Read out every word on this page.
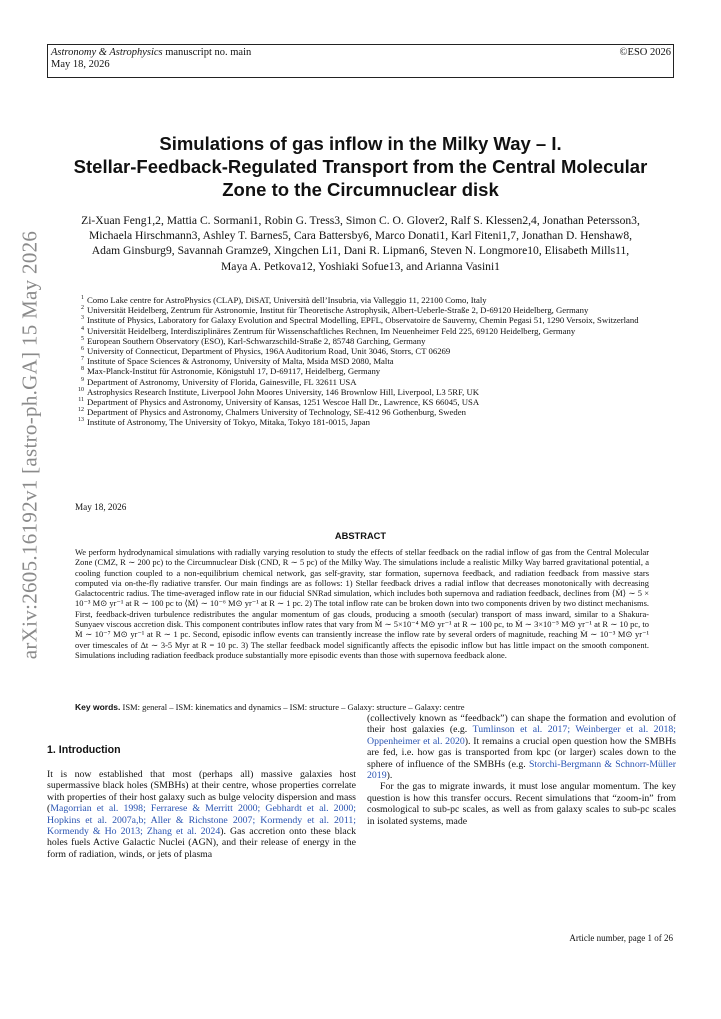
Astronomy & Astrophysics manuscript no. main
May 18, 2026
©ESO 2026
arXiv:2605.16192v1 [astro-ph.GA] 15 May 2026
Simulations of gas inflow in the Milky Way – I.
Stellar-Feedback-Regulated Transport from the Central Molecular
Zone to the Circumnuclear disk
Zi-Xuan Feng1,2, Mattia C. Sormani1, Robin G. Tress3, Simon C. O. Glover2, Ralf S. Klessen2,4, Jonathan Petersson3,
Michaela Hirschmann3, Ashley T. Barnes5, Cara Battersby6, Marco Donati1, Karl Fiteni1,7, Jonathan D. Henshaw8,
Adam Ginsburg9, Savannah Gramze9, Xingchen Li1, Dani R. Lipman6, Steven N. Longmore10, Elisabeth Mills11,
Maya A. Petkova12, Yoshiaki Sofue13, and Arianna Vasini1
1 Como Lake centre for AstroPhysics (CLAP), DiSAT, Università dell’Insubria, via Valleggio 11, 22100 Como, Italy
2 Universität Heidelberg, Zentrum für Astronomie, Institut für Theoretische Astrophysik, Albert-Ueberle-Straße 2, D-69120 Heidelberg, Germany
3 Institute of Physics, Laboratory for Galaxy Evolution and Spectral Modelling, EPFL, Observatoire de Sauverny, Chemin Pegasi 51, 1290 Versoix, Switzerland
4 Universität Heidelberg, Interdisziplinäres Zentrum für Wissenschaftliches Rechnen, Im Neuenheimer Feld 225, 69120 Heidelberg, Germany
5 European Southern Observatory (ESO), Karl-Schwarzschild-Straße 2, 85748 Garching, Germany
6 University of Connecticut, Department of Physics, 196A Auditorium Road, Unit 3046, Storrs, CT 06269
7 Institute of Space Sciences & Astronomy, University of Malta, Msida MSD 2080, Malta
8 Max-Planck-Institut für Astronomie, Königstuhl 17, D-69117, Heidelberg, Germany
9 Department of Astronomy, University of Florida, Gainesville, FL 32611 USA
10 Astrophysics Research Institute, Liverpool John Moores University, 146 Brownlow Hill, Liverpool, L3 5RF, UK
11 Department of Physics and Astronomy, University of Kansas, 1251 Wescoe Hall Dr., Lawrence, KS 66045, USA
12 Department of Physics and Astronomy, Chalmers University of Technology, SE-412 96 Gothenburg, Sweden
13 Institute of Astronomy, The University of Tokyo, Mitaka, Tokyo 181-0015, Japan
May 18, 2026
ABSTRACT
We perform hydrodynamical simulations with radially varying resolution to study the effects of stellar feedback on the radial inflow of gas from the Central Molecular Zone (CMZ, R ∼ 200 pc) to the Circumnuclear Disk (CND, R ∼ 5 pc) of the Milky Way. The simulations include a realistic Milky Way barred gravitational potential, a cooling function coupled to a non-equilibrium chemical network, gas self-gravity, star formation, supernova feedback, and radiation feedback from massive stars computed via on-the-fly radiative transfer. Our main findings are as follows: 1) Stellar feedback drives a radial inflow that decreases monotonically with decreasing Galactocentric radius. The time-averaged inflow rate in our fiducial SNRad simulation, which includes both supernova and radiation feedback, declines from ⟨Ṁ⟩ ∼ 5 × 10⁻³ M⊙ yr⁻¹ at R ∼ 100 pc to ⟨Ṁ⟩ ∼ 10⁻⁶ M⊙ yr⁻¹ at R ∼ 1 pc. 2) The total inflow rate can be broken down into two components driven by two distinct mechanisms. First, feedback-driven turbulence redistributes the angular momentum of gas clouds, producing a smooth (secular) transport of mass inward, similar to a Shakura-Sunyaev viscous accretion disk. This component contributes inflow rates that vary from Ṁ ∼ 5×10⁻⁴ M⊙ yr⁻¹ at R ∼ 100 pc, to Ṁ ∼ 3×10⁻⁵ M⊙ yr⁻¹ at R ∼ 10 pc, to Ṁ ∼ 10⁻⁷ M⊙ yr⁻¹ at R ∼ 1 pc. Second, episodic inflow events can transiently increase the inflow rate by several orders of magnitude, reaching Ṁ ∼ 10⁻³ M⊙ yr⁻¹ over timescales of Δt ∼ 3-5 Myr at R = 10 pc. 3) The stellar feedback model significantly affects the episodic inflow but has little impact on the smooth component. Simulations including radiation feedback produce substantially more episodic events than those with supernova feedback alone.
Key words. ISM: general – ISM: kinematics and dynamics – ISM: structure – Galaxy: structure – Galaxy: centre
1. Introduction

It is now established that most (perhaps all) massive galaxies host supermassive black holes (SMBHs) at their centre, whose properties correlate with properties of their host galaxy such as bulge velocity dispersion and mass (Magorrian et al. 1998; Ferrarese & Merritt 2000; Gebhardt et al. 2000; Hopkins et al. 2007a,b; Aller & Richstone 2007; Kormendy et al. 2011; Kormendy & Ho 2013; Zhang et al. 2024). Gas accretion onto these black holes fuels Active Galactic Nuclei (AGN), and their release of energy in the form of radiation, winds, or jets of plasma

(collectively known as “feedback”) can shape the formation and evolution of their host galaxies (e.g. Tumlinson et al. 2017; Weinberger et al. 2018; Oppenheimer et al. 2020). It remains a crucial open question how the SMBHs are fed, i.e. how gas is transported from kpc (or larger) scales down to the sphere of influence of the SMBHs (e.g. Storchi-Bergmann & Schnorr-Müller 2019).

For the gas to migrate inwards, it must lose angular momentum. The key question is how this transfer occurs. Recent simulations that “zoom-in” from cosmological to sub-pc scales, as well as from galaxy scales to sub-pc scales in isolated systems, made

Article number, page 1 of 26
